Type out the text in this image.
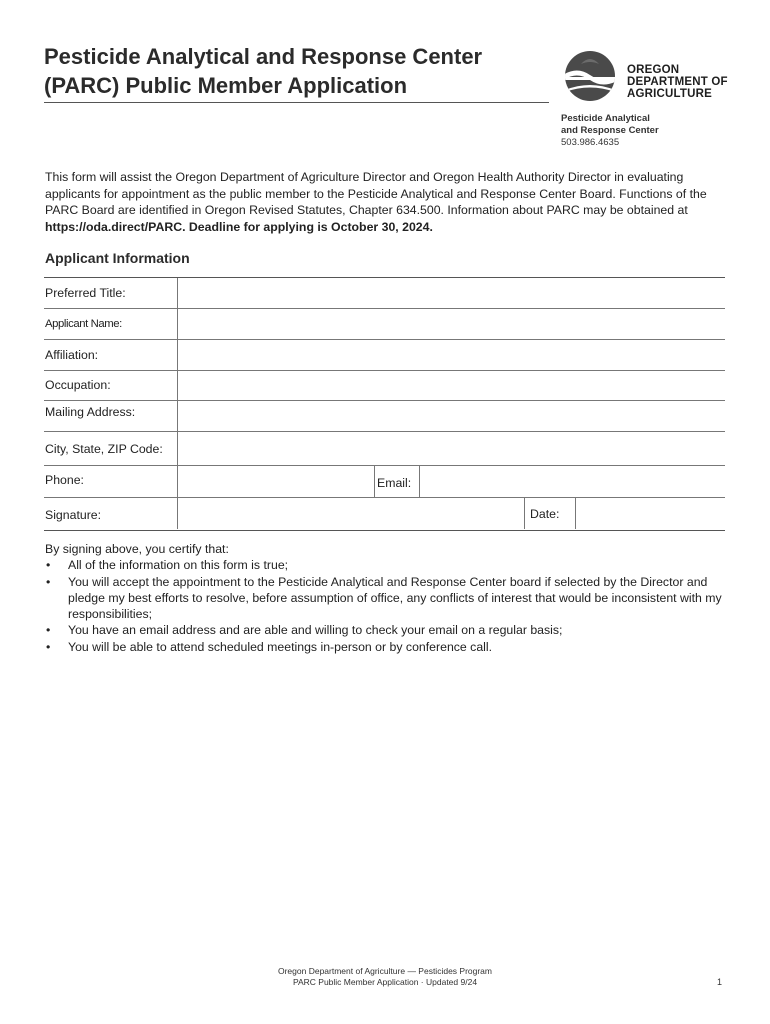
Pesticide Analytical and Response Center
(PARC) Public Member Application
OREGON
DEPARTMENT OF
AGRICULTURE
Pesticide Analytical
and Response Center
503.986.4635
This form will assist the Oregon Department of Agriculture Director and Oregon Health Authority Director in evaluating applicants for appointment as the public member to the Pesticide Analytical and Response Center Board. Functions of the PARC Board are identified in Oregon Revised Statutes, Chapter 634.500. Information about PARC may be obtained at https://oda.direct/PARC. Deadline for applying is October 30, 2024.
Applicant Information
Preferred Title:
Applicant Name:
Affiliation:
Occupation:
Mailing Address:
City, State, ZIP Code:
Phone:	Email:
Signature:	Date:
By signing above, you certify that:
• All of the information on this form is true;
• You will accept the appointment to the Pesticide Analytical and Response Center board if selected by the Director and pledge my best efforts to resolve, before assumption of office, any conflicts of interest that would be inconsistent with my responsibilities;
• You have an email address and are able and willing to check your email on a regular basis;
• You will be able to attend scheduled meetings in-person or by conference call.
Oregon Department of Agriculture — Pesticides Program
PARC Public Member Application · Updated 9/24	1
